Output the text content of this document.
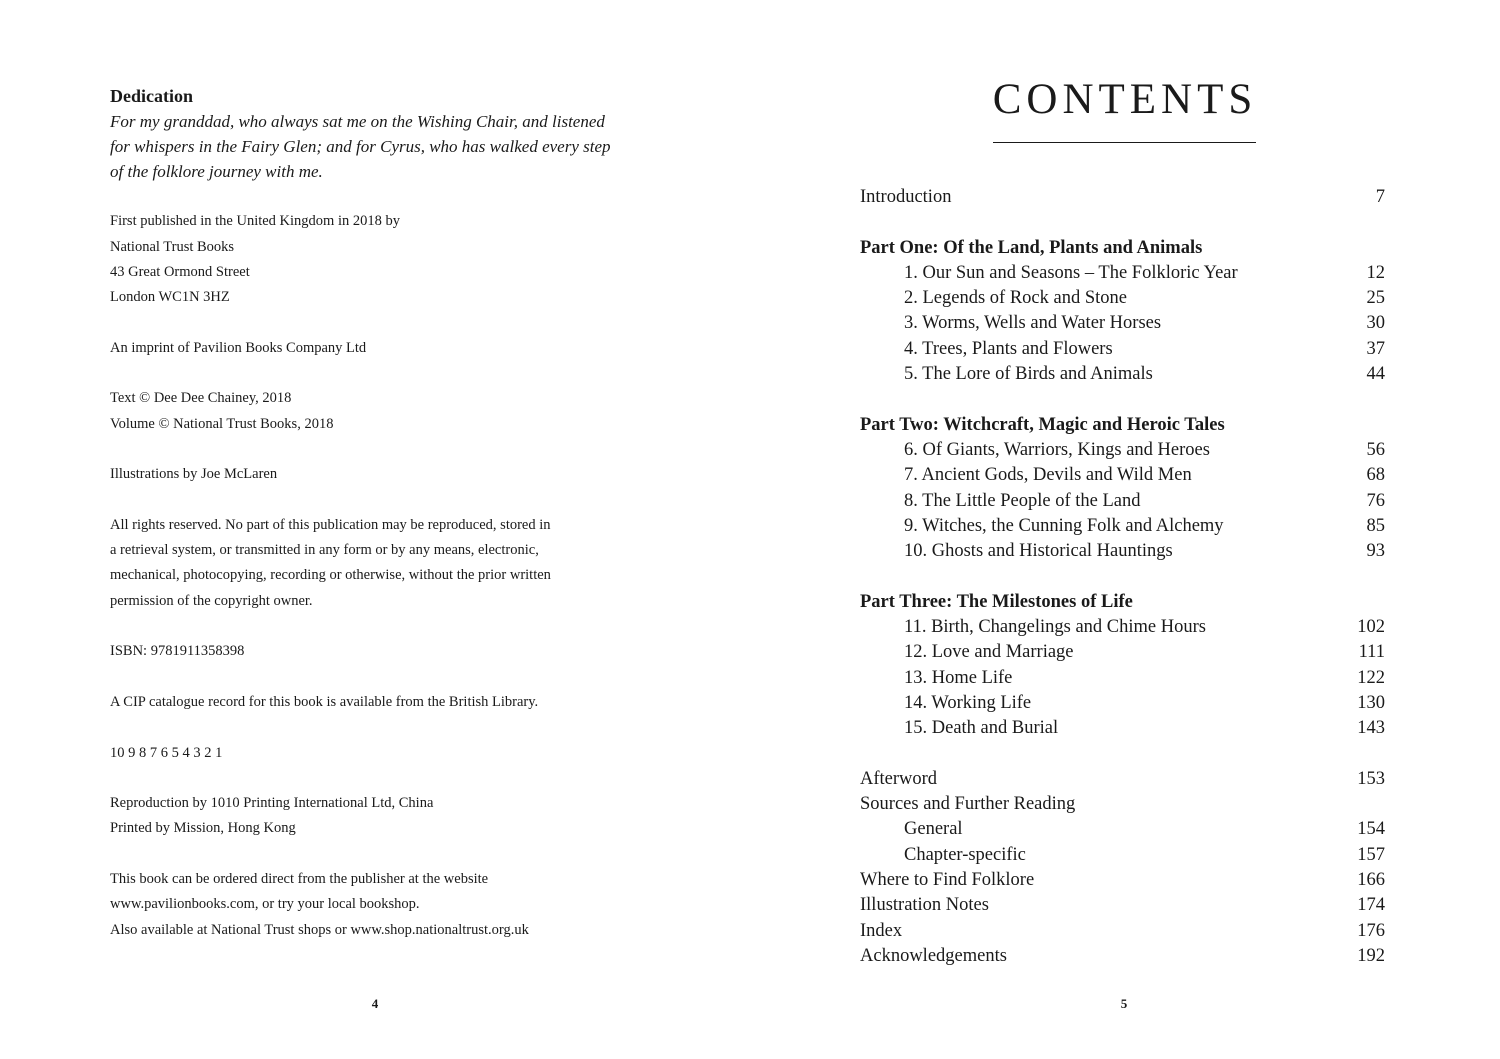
Dedication

For my granddad, who always sat me on the Wishing Chair, and listened

for whispers in the Fairy Glen; and for Cyrus, who has walked every step

of the folklore journey with me.

First published in the United Kingdom in 2018 by

National Trust Books

43 Great Ormond Street

London WC1N 3HZ

An imprint of Pavilion Books Company Ltd

Text © Dee Dee Chainey, 2018

Volume © National Trust Books, 2018

Illustrations by Joe McLaren

All rights reserved. No part of this publication may be reproduced, stored in

a retrieval system, or transmitted in any form or by any means, electronic,

mechanical, photocopying, recording or otherwise, without the prior written

permission of the copyright owner.

ISBN: 9781911358398

A CIP catalogue record for this book is available from the British Library.

10 9 8 7 6 5 4 3 2 1

Reproduction by 1010 Printing International Ltd, China

Printed by Mission, Hong Kong

This book can be ordered direct from the publisher at the website

www.pavilionbooks.com, or try your local bookshop.

Also available at National Trust shops or www.shop.nationaltrust.org.uk

4
CONTENTS
Introduction	7
Part One: Of the Land, Plants and Animals
1. Our Sun and Seasons – The Folkloric Year	12
2. Legends of Rock and Stone	25
3. Worms, Wells and Water Horses	30
4. Trees, Plants and Flowers	37
5. The Lore of Birds and Animals	44
Part Two: Witchcraft, Magic and Heroic Tales
6. Of Giants, Warriors, Kings and Heroes	56
7. Ancient Gods, Devils and Wild Men	68
8. The Little People of the Land	76
9. Witches, the Cunning Folk and Alchemy	85
10. Ghosts and Historical Hauntings	93
Part Three: The Milestones of Life
11. Birth, Changelings and Chime Hours	102
12. Love and Marriage	111
13. Home Life	122
14. Working Life	130
15. Death and Burial	143
Afterword	153
Sources and Further Reading
General	154
Chapter-specific	157
Where to Find Folklore	166
Illustration Notes	174
Index	176
Acknowledgements	192
5
